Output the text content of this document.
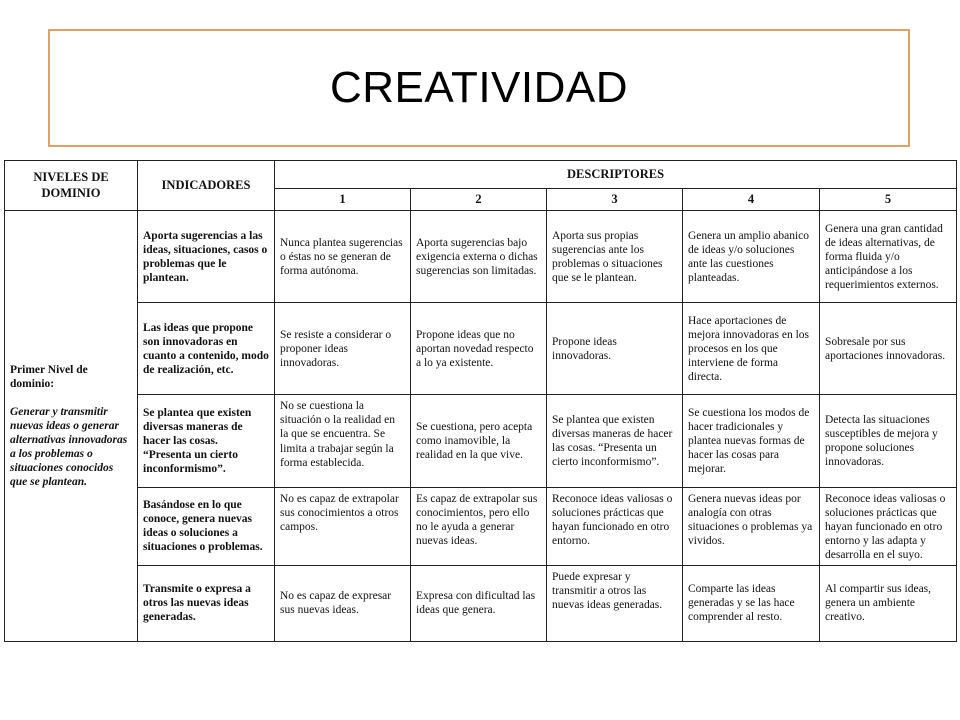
CREATIVIDAD
NIVELES DE DOMINIO	INDICADORES	DESCRIPTORES				
		1	2	3	4	5

Primer Nivel de dominio:
Generar y transmitir nuevas ideas o generar alternativas innovadoras a los problemas o situaciones conocidos que se plantean.	Aporta sugerencias a las ideas, situaciones, casos o problemas que le plantean.	Nunca plantea sugerencias o éstas no se generan de forma autónoma.	Aporta sugerencias bajo exigencia externa o dichas sugerencias son limitadas.	Aporta sus propias sugerencias ante los problemas o situaciones que se le plantean.	Genera un amplio abanico de ideas y/o soluciones ante las cuestiones planteadas.	Genera una gran cantidad de ideas alternativas, de forma fluida y/o anticipándose a los requerimientos externos.
	Las ideas que propone son innovadoras en cuanto a contenido, modo de realización, etc.	Se resiste a considerar o proponer ideas innovadoras.	Propone ideas que no aportan novedad respecto a lo ya existente.	Propone ideas innovadoras.	Hace aportaciones de mejora innovadoras en los procesos en los que interviene de forma directa.	Sobresale por sus aportaciones innovadoras.
	Se plantea que existen diversas maneras de hacer las cosas. “Presenta un cierto inconformismo”.	No se cuestiona la situación o la realidad en la que se encuentra. Se limita a trabajar según la forma establecida.	Se cuestiona, pero acepta como inamovible, la realidad en la que vive.	Se plantea que existen diversas maneras de hacer las cosas. “Presenta un cierto inconformismo”.	Se cuestiona los modos de hacer tradicionales y plantea nuevas formas de hacer las cosas para mejorar.	Detecta las situaciones susceptibles de mejora y propone soluciones innovadoras.
	Basándose en lo que conoce, genera nuevas ideas o soluciones a situaciones o problemas.	No es capaz de extrapolar sus conocimientos a otros campos.	Es capaz de extrapolar sus conocimientos, pero ello no le ayuda a generar nuevas ideas.	Reconoce ideas valiosas o soluciones prácticas que hayan funcionado en otro entorno.	Genera nuevas ideas por analogía con otras situaciones o problemas ya vividos.	Reconoce ideas valiosas o soluciones prácticas que hayan funcionado en otro entorno y las adapta y desarrolla en el suyo.
	Transmite o expresa a otros las nuevas ideas generadas.	No es capaz de expresar sus nuevas ideas.	Expresa con dificultad las ideas que genera.	Puede expresar y transmitir a otros las nuevas ideas generadas.	Comparte las ideas generadas y se las hace comprender al resto.	Al compartir sus ideas, genera un ambiente creativo.
